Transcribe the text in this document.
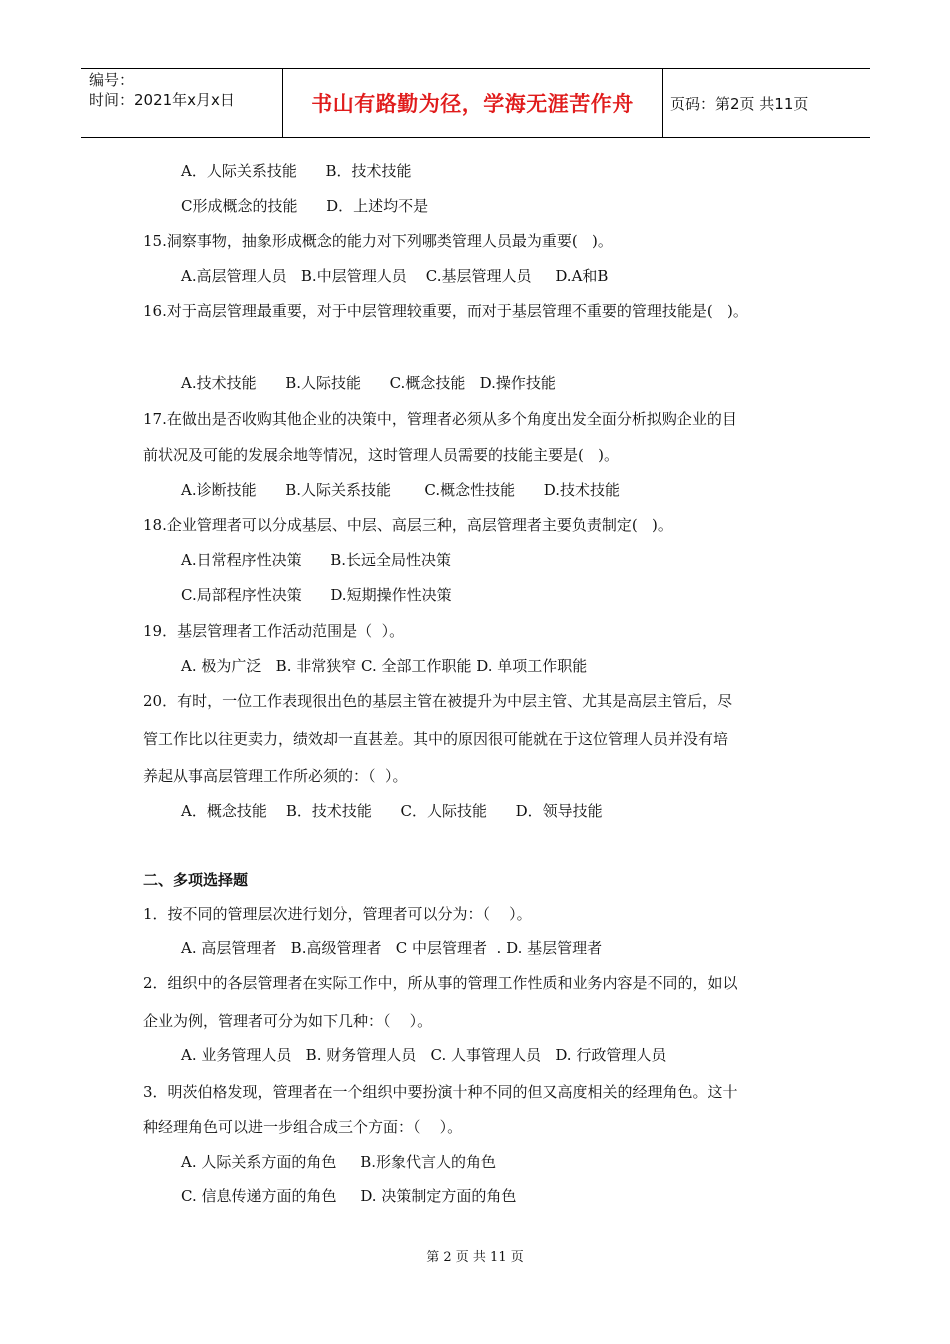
编号：
时间：2021年x月x日	书山有路勤为径，学海无涯苦作舟	页码：第2页 共11页
A．人际关系技能      B．技术技能
C形成概念的技能      D．上述均不是
15.洞察事物，抽象形成概念的能力对下列哪类管理人员最为重要(   )。
A.高层管理人员   B.中层管理人员    C.基层管理人员     D.A和B
16.对于高层管理最重要，对于中层管理较重要，而对于基层管理不重要的管理技能是(   )。
A.技术技能      B.人际技能      C.概念技能   D.操作技能
17.在做出是否收购其他企业的决策中，管理者必须从多个角度出发全面分析拟购企业的目
前状况及可能的发展余地等情况，这时管理人员需要的技能主要是(   )。
A.诊断技能      B.人际关系技能       C.概念性技能      D.技术技能
18.企业管理者可以分成基层、中层、高层三种，高层管理者主要负责制定(   )。
A.日常程序性决策      B.长远全局性决策
C.局部程序性决策      D.短期操作性决策
19．基层管理者工作活动范围是（  ）。
A. 极为广泛   B. 非常狭窄 C. 全部工作职能 D. 单项工作职能
20．有时，一位工作表现很出色的基层主管在被提升为中层主管、尤其是高层主管后，尽
管工作比以往更卖力，绩效却一直甚差。其中的原因很可能就在于这位管理人员并没有培
养起从事高层管理工作所必须的：（  ）。
A．概念技能    B．技术技能      C．人际技能      D．领导技能
二、多项选择题
1．按不同的管理层次进行划分，管理者可以分为：（    ）。
A. 高层管理者   B.高级管理者   C 中层管理者  . D. 基层管理者
2．组织中的各层管理者在实际工作中，所从事的管理工作性质和业务内容是不同的，如以
企业为例，管理者可分为如下几种：（    ）。
A. 业务管理人员   B. 财务管理人员   C. 人事管理人员   D. 行政管理人员
3．明茨伯格发现，管理者在一个组织中要扮演十种不同的但又高度相关的经理角色。这十
种经理角色可以进一步组合成三个方面：（    ）。
A. 人际关系方面的角色     B.形象代言人的角色
C. 信息传递方面的角色     D. 决策制定方面的角色
第 2 页 共 11 页
